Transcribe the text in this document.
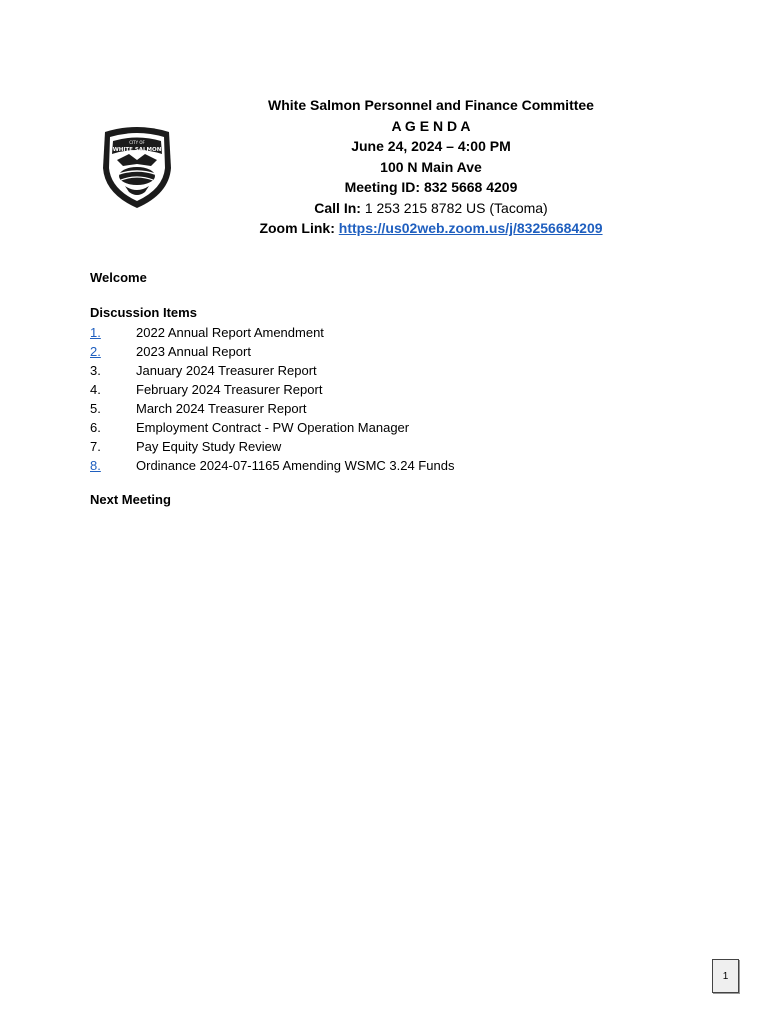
CITY OF
WHITE SALMON
White Salmon Personnel and Finance Committee
A G E N D A
June 24, 2024 – 4:00 PM
100 N Main Ave
Meeting ID: 832 5668 4209
Call In: 1 253 215 8782 US (Tacoma)
Zoom Link: https://us02web.zoom.us/j/83256684209
Welcome
Discussion Items
1.	2022 Annual Report Amendment
2.	2023 Annual Report
3.	January 2024 Treasurer Report
4.	February 2024 Treasurer Report
5.	March 2024 Treasurer Report
6.	Employment Contract - PW Operation Manager
7.	Pay Equity Study Review
8.	Ordinance 2024-07-1165 Amending WSMC 3.24 Funds
Next Meeting
1
